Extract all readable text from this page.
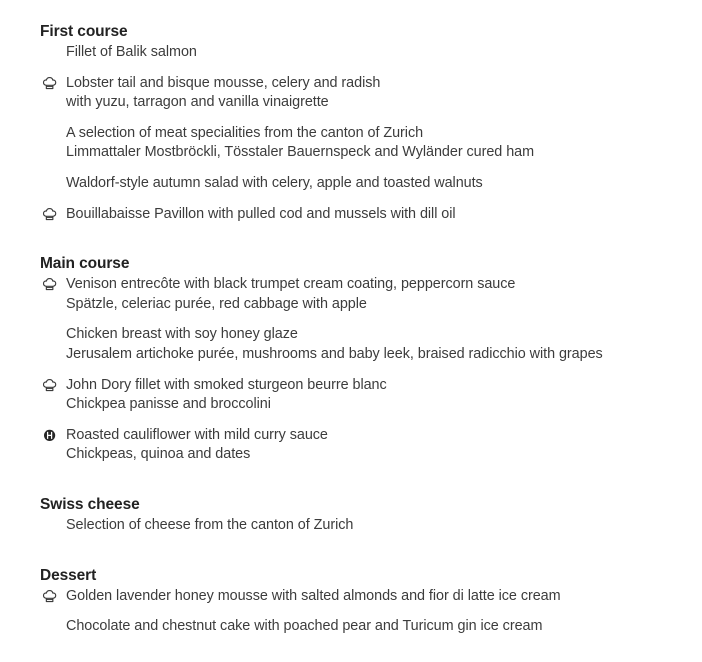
First course
Fillet of Balik salmon
Lobster tail and bisque mousse, celery and radish
with yuzu, tarragon and vanilla vinaigrette
A selection of meat specialities from the canton of Zurich
Limmattaler Mostbröckli, Tösstaler Bauernspeck and Wyländer cured ham
Waldorf-style autumn salad with celery, apple and toasted walnuts
Bouillabaisse Pavillon with pulled cod and mussels with dill oil
Main course
Venison entrecôte with black trumpet cream coating, peppercorn sauce
Spätzle, celeriac purée, red cabbage with apple
Chicken breast with soy honey glaze
Jerusalem artichoke purée, mushrooms and baby leek, braised radicchio with grapes
John Dory fillet with smoked sturgeon beurre blanc
Chickpea panisse and broccolini
Roasted cauliflower with mild curry sauce
Chickpeas, quinoa and dates
Swiss cheese
Selection of cheese from the canton of Zurich
Dessert
Golden lavender honey mousse with salted almonds and fior di latte ice cream
Chocolate and chestnut cake with poached pear and Turicum gin ice cream
